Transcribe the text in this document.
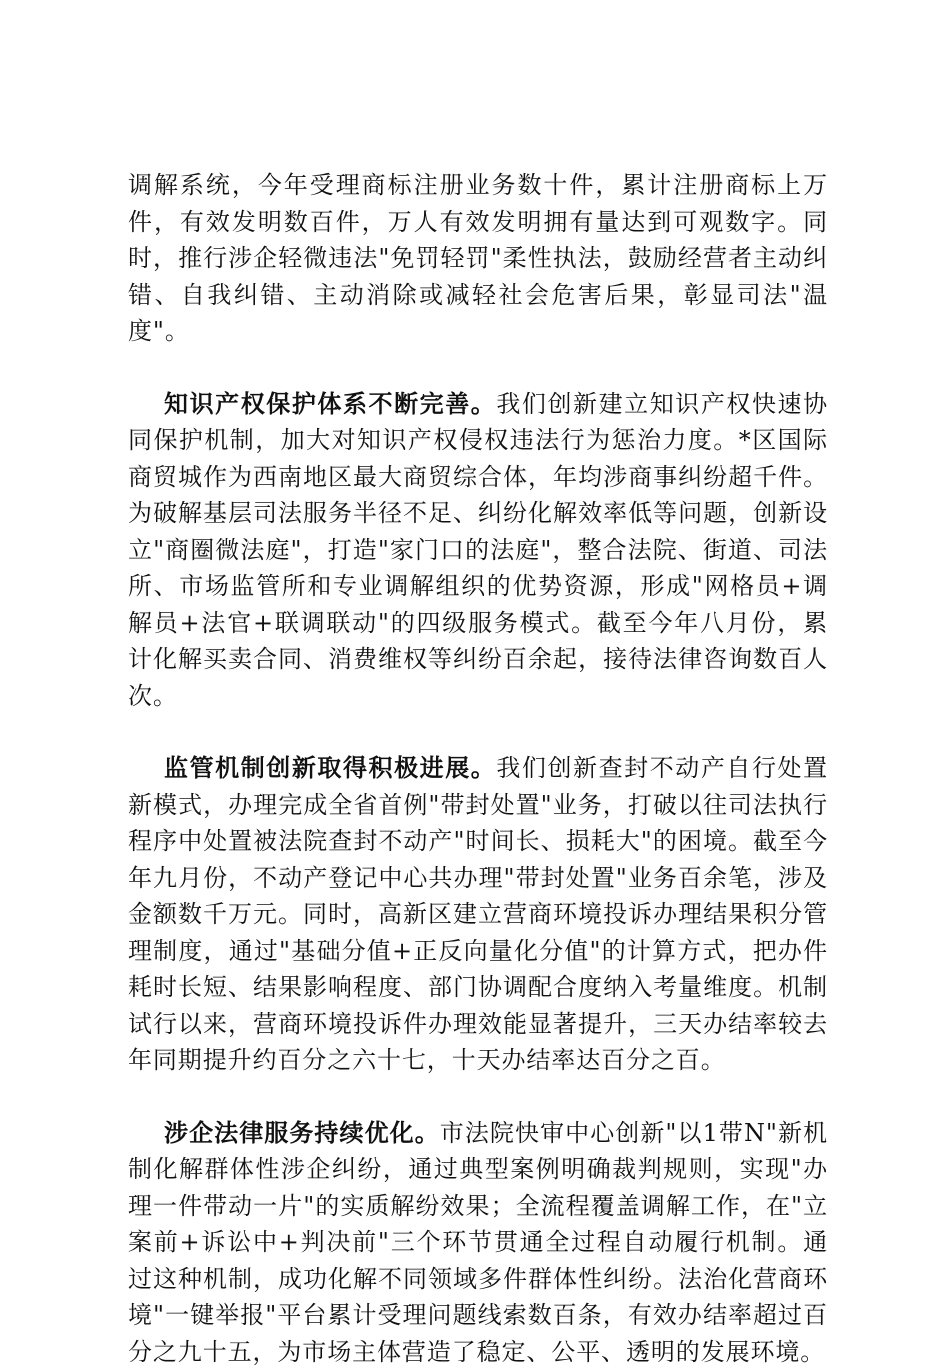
调解系统，今年受理商标注册业务数十件，累计注册商标上万件，有效发明数百件，万人有效发明拥有量达到可观数字。同时，推行涉企轻微违法"免罚轻罚"柔性执法，鼓励经营者主动纠错、自我纠错、主动消除或减轻社会危害后果，彰显司法"温度"。

知识产权保护体系不断完善。我们创新建立知识产权快速协同保护机制，加大对知识产权侵权违法行为惩治力度。*区国际商贸城作为西南地区最大商贸综合体，年均涉商事纠纷超千件。为破解基层司法服务半径不足、纠纷化解效率低等问题，创新设立"商圈微法庭"，打造"家门口的法庭"，整合法院、街道、司法所、市场监管所和专业调解组织的优势资源，形成"网格员+调解员+法官+联调联动"的四级服务模式。截至今年八月份，累计化解买卖合同、消费维权等纠纷百余起，接待法律咨询数百人次。

监管机制创新取得积极进展。我们创新查封不动产自行处置新模式，办理完成全省首例"带封处置"业务，打破以往司法执行程序中处置被法院查封不动产"时间长、损耗大"的困境。截至今年九月份，不动产登记中心共办理"带封处置"业务百余笔，涉及金额数千万元。同时，高新区建立营商环境投诉办理结果积分管理制度，通过"基础分值+正反向量化分值"的计算方式，把办件耗时长短、结果影响程度、部门协调配合度纳入考量维度。机制试行以来，营商环境投诉件办理效能显著提升，三天办结率较去年同期提升约百分之六十七，十天办结率达百分之百。

涉企法律服务持续优化。市法院快审中心创新"以1带N"新机制化解群体性涉企纠纷，通过典型案例明确裁判规则，实现"办理一件带动一片"的实质解纷效果；全流程覆盖调解工作，在"立案前+诉讼中+判决前"三个环节贯通全过程自动履行机制。通过这种机制，成功化解不同领域多件群体性纠纷。法治化营商环境"一键举报"平台累计受理问题线索数百条，有效办结率超过百分之九十五，为市场主体营造了稳定、公平、透明的发展环境。
